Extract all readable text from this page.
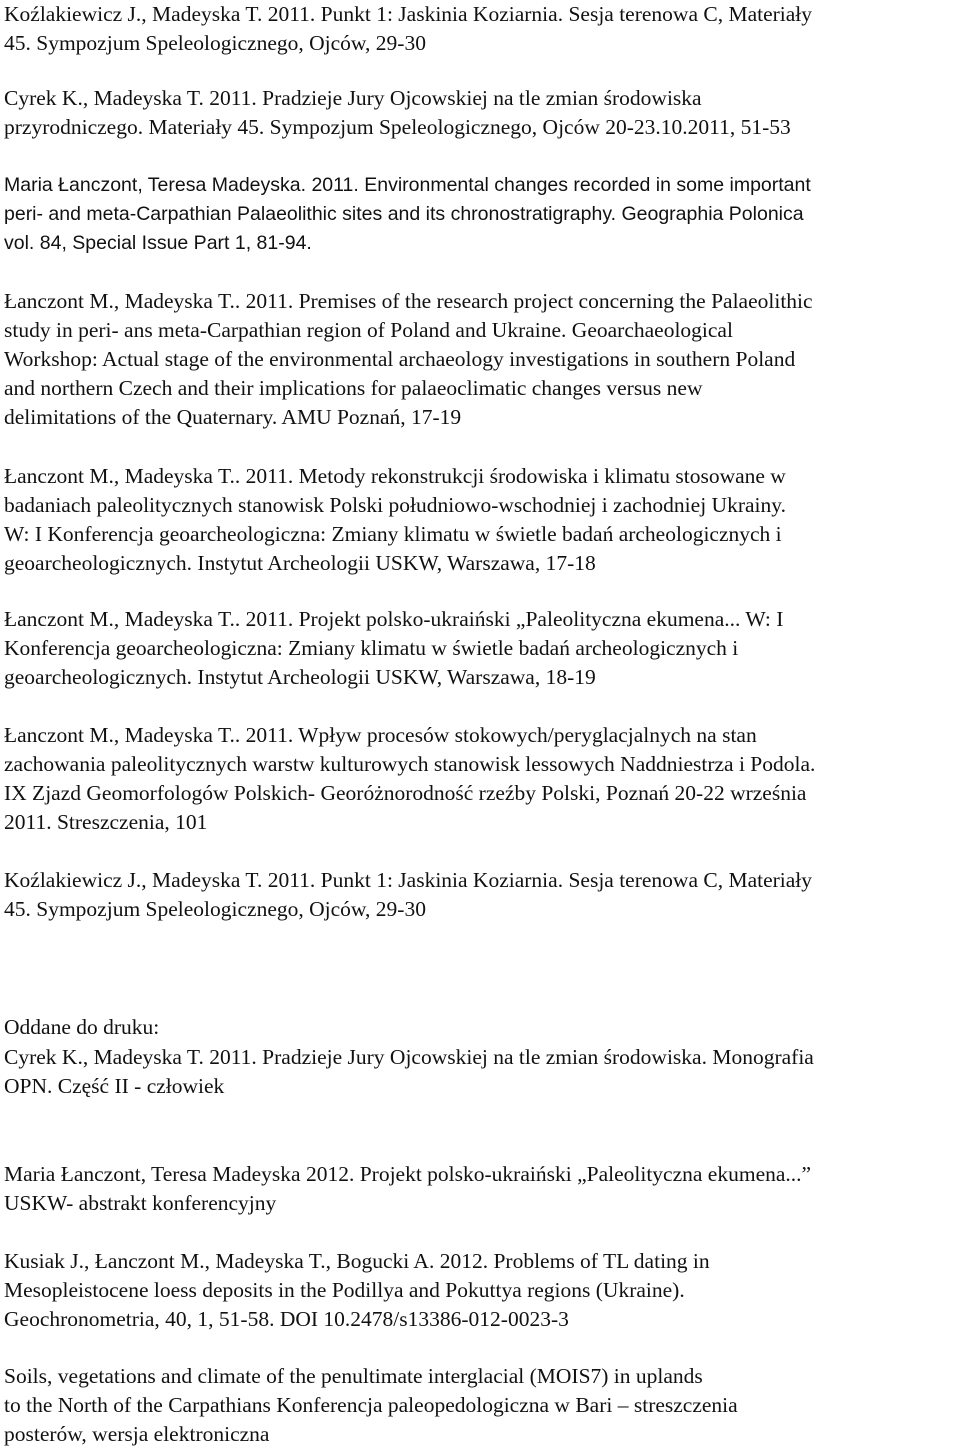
Koźlakiewicz J., Madeyska T. 2011. Punkt 1: Jaskinia Koziarnia. Sesja terenowa C, Materiały
45. Sympozjum Speleologicznego, Ojców, 29-30
Cyrek K., Madeyska T. 2011. Pradzieje Jury Ojcowskiej na tle zmian środowiska
przyrodniczego. Materiały 45. Sympozjum Speleologicznego, Ojców 20-23.10.2011, 51-53
Maria Łanczont, Teresa Madeyska. 2011. Environmental changes recorded in some important
peri- and meta-Carpathian Palaeolithic sites and its chronostratigraphy. Geographia Polonica
vol. 84, Special Issue Part 1, 81-94.
Łanczont M., Madeyska T.. 2011. Premises of the research project concerning the Palaeolithic
study in peri- ans meta-Carpathian region of Poland and Ukraine. Geoarchaeological
Workshop: Actual stage of the environmental archaeology investigations in southern Poland
and northern Czech and their implications for palaeoclimatic changes versus new
delimitations of the Quaternary. AMU Poznań, 17-19
Łanczont M., Madeyska T.. 2011. Metody rekonstrukcji środowiska i klimatu stosowane w
badaniach paleolitycznych stanowisk Polski południowo-wschodniej i zachodniej Ukrainy.
W: I Konferencja geoarcheologiczna: Zmiany klimatu w świetle badań archeologicznych i
geoarcheologicznych. Instytut Archeologii USKW, Warszawa, 17-18
Łanczont M., Madeyska T.. 2011. Projekt polsko-ukraiński „Paleolityczna ekumena... W: I
Konferencja geoarcheologiczna: Zmiany klimatu w świetle badań archeologicznych i
geoarcheologicznych. Instytut Archeologii USKW, Warszawa, 18-19
Łanczont M., Madeyska T.. 2011. Wpływ procesów stokowych/peryglacjalnych na stan
zachowania paleolitycznych warstw kulturowych stanowisk lessowych Naddniestrza i Podola.
IX Zjazd Geomorfologów Polskich- Georóżnorodność rzeźby Polski, Poznań 20-22 września
2011. Streszczenia, 101
Koźlakiewicz J., Madeyska T. 2011. Punkt 1: Jaskinia Koziarnia. Sesja terenowa C, Materiały
45. Sympozjum Speleologicznego, Ojców, 29-30
Oddane do druku:
Cyrek K., Madeyska T. 2011. Pradzieje Jury Ojcowskiej na tle zmian środowiska. Monografia
OPN. Część II - człowiek
Maria Łanczont, Teresa Madeyska 2012. Projekt polsko-ukraiński „Paleolityczna ekumena...”
USKW- abstrakt konferencyjny
Kusiak J., Łanczont M., Madeyska T., Bogucki A. 2012. Problems of TL dating in
Mesopleistocene loess deposits in the Podillya and Pokuttya regions (Ukraine).
Geochronometria, 40, 1, 51-58. DOI 10.2478/s13386-012-0023-3
Soils, vegetations and climate of the penultimate interglacial (MOIS7) in uplands
to the North of the Carpathians Konferencja paleopedologiczna w Bari – streszczenia
posterów, wersja elektroniczna
